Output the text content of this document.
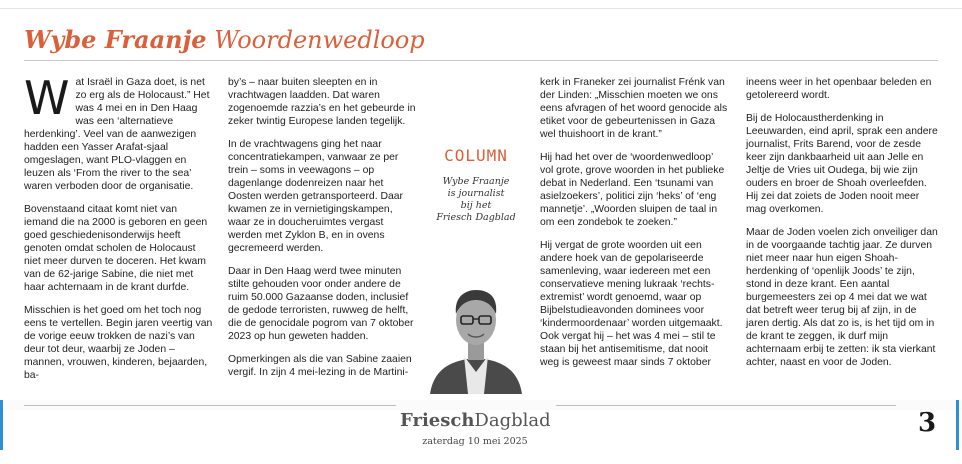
Wybe Fraanje Woordenwedloop

Wat Israël in Gaza doet, is net zo erg als de Holocaust.” Het was 4 mei en in Den Haag was een ‘alternatieve herdenking’. Veel van de aanwezigen hadden een Yasser Arafat-sjaal omgeslagen, want PLO-vlaggen en leuzen als ‘From the river to the sea’ waren verboden door de organisatie.

Bovenstaand citaat komt niet van iemand die na 2000 is geboren en geen goed geschiedenisonderwijs heeft genoten omdat scholen de Holocaust niet meer durven te doceren. Het kwam van de 62-jarige Sabine, die niet met haar achternaam in de krant durfde.

Misschien is het goed om het toch nog eens te vertellen. Begin jaren veertig van de vorige eeuw trokken de nazi’s van deur tot deur, waarbij ze Joden – mannen, vrouwen, kinderen, bejaarden, ba-

by’s – naar buiten sleepten en in vrachtwagen laadden. Dat waren zogenoemde razzia’s en het gebeurde in zeker twintig Europese landen tegelijk.

In de vrachtwagens ging het naar concentratiekampen, vanwaar ze per trein – soms in veewagons – op dagenlange dodenreizen naar het Oosten werden getransporteerd. Daar kwamen ze in vernietigingskampen, waar ze in doucheruimtes vergast werden met Zyklon B, en in ovens gecremeerd werden.

Daar in Den Haag werd twee minuten stilte gehouden voor onder andere de ruim 50.000 Gazaanse doden, inclusief de gedode terroristen, ruwweg de helft, die de genocidale pogrom van 7 oktober 2023 op hun geweten hadden.

Opmerkingen als die van Sabine zaaien vergif. In zijn 4 mei-lezing in de Martini-

COLUMN
Wybe Fraanje
is journalist
bij het
Friesch Dagblad

kerk in Franeker zei journalist Frénk van der Linden: „Misschien moeten we ons eens afvragen of het woord genocide als etiket voor de gebeurtenissen in Gaza wel thuishoort in de krant.”

Hij had het over de ‘woordenwedloop’ vol grote, grove woorden in het publieke debat in Nederland. Een ‘tsunami van asielzoekers’, politici zijn ‘heks’ of ‘eng mannetje’. „Woorden sluipen de taal in om een zondebok te zoeken.”

Hij vergat de grote woorden uit een andere hoek van de gepolariseerde samenleving, waar iedereen met een conservatieve mening lukraak ‘rechts-extremist’ wordt genoemd, waar op Bijbelstudieavonden dominees voor ‘kindermoordenaar’ worden uitgemaakt. Ook vergat hij – het was 4 mei – stil te staan bij het antisemitisme, dat nooit weg is geweest maar sinds 7 oktober

ineens weer in het openbaar beleden en getolereerd wordt.

Bij de Holocaustherdenking in Leeuwarden, eind april, sprak een andere journalist, Frits Barend, voor de zesde keer zijn dankbaarheid uit aan Jelle en Jeltje de Vries uit Oudega, bij wie zijn ouders en broer de Shoah overleefden. Hij zei dat zoiets de Joden nooit meer mag overkomen.

Maar de Joden voelen zich onveiliger dan in de voorgaande tachtig jaar. Ze durven niet meer naar hun eigen Shoah-herdenking of ‘openlijk Joods’ te zijn, stond in deze krant. Een aantal burgemeesters zei op 4 mei dat we wat dat betreft weer terug bij af zijn, in de jaren dertig. Als dat zo is, is het tijd om in de krant te zeggen, ik durf mijn achternaam erbij te zetten: ik sta vierkant achter, naast en voor de Joden.

FrieschDagblad
zaterdag 10 mei 2025
3
